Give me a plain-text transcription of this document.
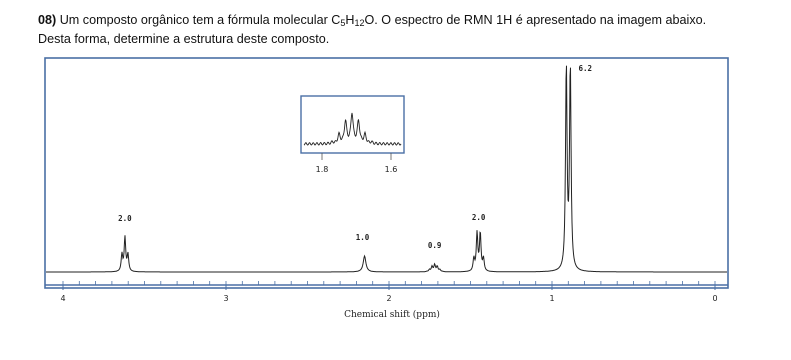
08) Um composto orgânico tem a fórmula molecular $C_5H_{12}O$. O espectro de RMN 1H é apresentado na imagem abaixo.
Desta forma, determine a estrutura deste composto.
4	3	2	1	0
Chemical shift (ppm)
2.0
1.0
0.9
2.0
6.2
1.8	1.6
